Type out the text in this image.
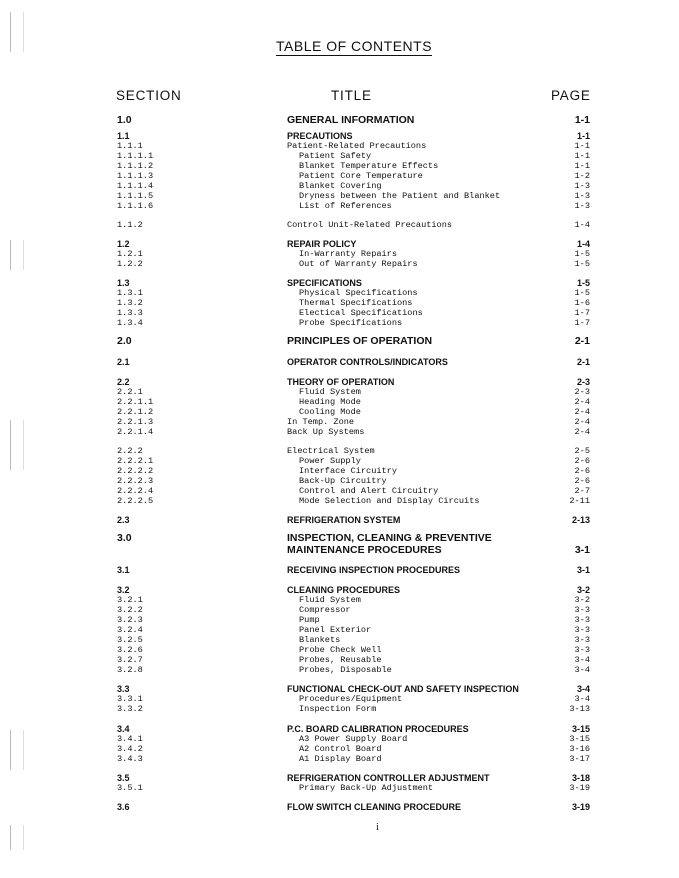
TABLE OF CONTENTS
SECTION	TITLE	PAGE
1.0	GENERAL INFORMATION	1-1
1.1	PRECAUTIONS	1-1
1.1.1	Patient-Related Precautions	1-1
1.1.1.1	Patient Safety	1-1
1.1.1.2	Blanket Temperature Effects	1-1
1.1.1.3	Patient Core Temperature	1-2
1.1.1.4	Blanket Covering	1-3
1.1.1.5	Dryness between the Patient and Blanket	1-3
1.1.1.6	List of References	1-3
1.1.2	Control Unit-Related Precautions	1-4
1.2	REPAIR POLICY	1-4
1.2.1	In-Warranty Repairs	1-5
1.2.2	Out of Warranty Repairs	1-5
1.3	SPECIFICATIONS	1-5
1.3.1	Physical Specifications	1-5
1.3.2	Thermal Specifications	1-6
1.3.3	Electical Specifications	1-7
1.3.4	Probe Specifications	1-7
2.0	PRINCIPLES OF OPERATION	2-1
2.1	OPERATOR CONTROLS/INDICATORS	2-1
2.2	THEORY OF OPERATION	2-3
2.2.1	Fluid System	2-3
2.2.1.1	Heading Mode	2-4
2.2.1.2	Cooling Mode	2-4
2.2.1.3	In Temp. Zone	2-4
2.2.1.4	Back Up Systems	2-4
2.2.2	Electrical System	2-5
2.2.2.1	Power Supply	2-6
2.2.2.2	Interface Circuitry	2-6
2.2.2.3	Back-Up Circuitry	2-6
2.2.2.4	Control and Alert Circuitry	2-7
2.2.2.5	Mode Selection and Display Circuits	2-11
2.3	REFRIGERATION SYSTEM	2-13
3.0	INSPECTION, CLEANING & PREVENTIVE
MAINTENANCE PROCEDURES	3-1
3.1	RECEIVING INSPECTION PROCEDURES	3-1
3.2	CLEANING PROCEDURES	3-2
3.2.1	Fluid System	3-2
3.2.2	Compressor	3-3
3.2.3	Pump	3-3
3.2.4	Panel Exterior	3-3
3.2.5	Blankets	3-3
3.2.6	Probe Check Well	3-3
3.2.7	Probes, Reusable	3-4
3.2.8	Probes, Disposable	3-4
3.3	FUNCTIONAL CHECK-OUT AND SAFETY INSPECTION	3-4
3.3.1	Procedures/Equipment	3-4
3.3.2	Inspection Form	3-13
3.4	P.C. BOARD CALIBRATION PROCEDURES	3-15
3.4.1	A3 Power Supply Board	3-15
3.4.2	A2 Control Board	3-16
3.4.3	A1 Display Board	3-17
3.5	REFRIGERATION CONTROLLER ADJUSTMENT	3-18
3.5.1	Primary Back-Up Adjustment	3-19
3.6	FLOW SWITCH CLEANING PROCEDURE	3-19
i
